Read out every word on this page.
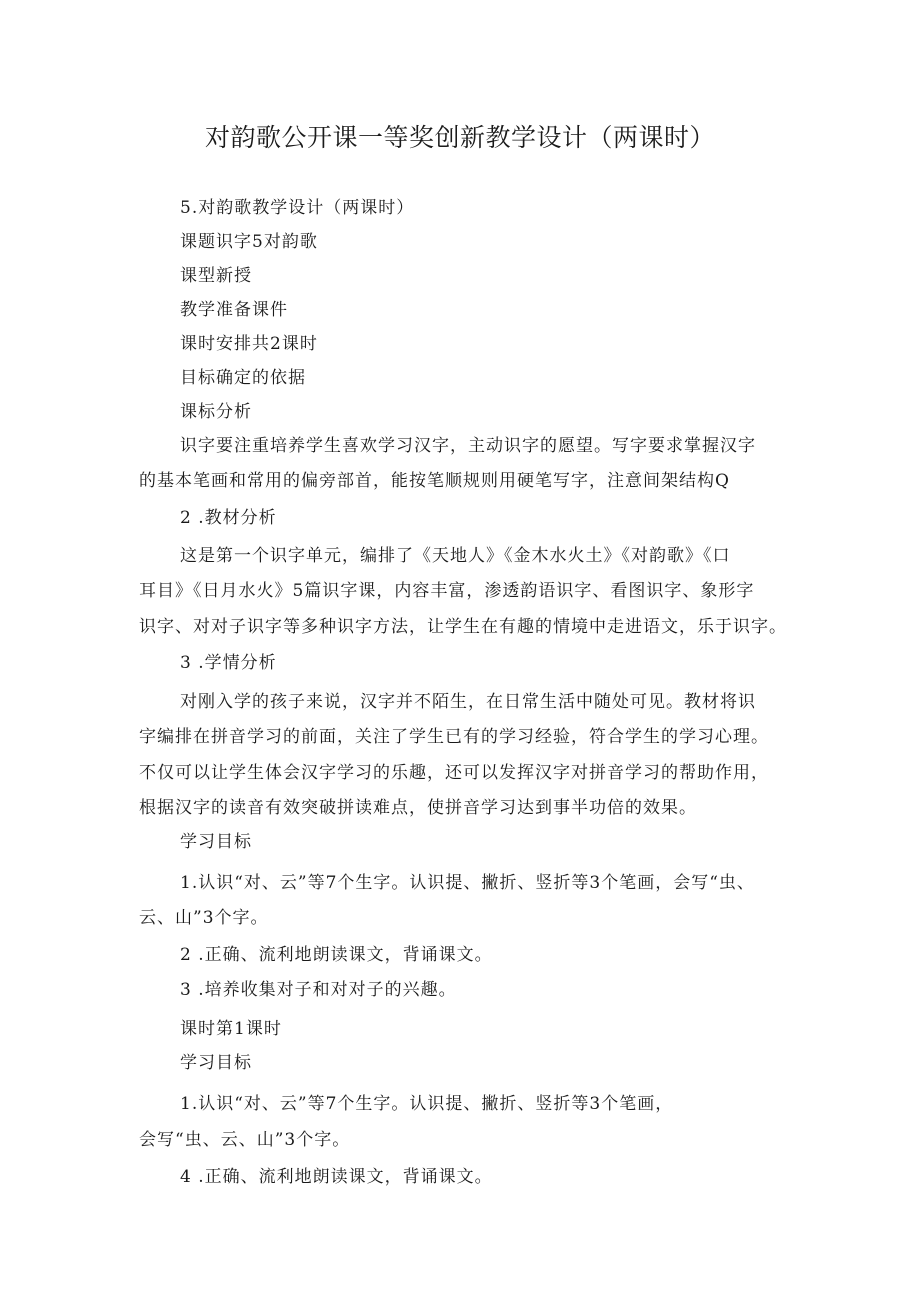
对韵歌公开课一等奖创新教学设计（两课时）
5.对韵歌教学设计（两课时）
课题识字5对韵歌
课型新授
教学准备课件
课时安排共2课时
目标确定的依据
课标分析
识字要注重培养学生喜欢学习汉字，主动识字的愿望。写字要求掌握汉字
的基本笔画和常用的偏旁部首，能按笔顺规则用硬笔写字，注意间架结构Q
2 .教材分析
这是第一个识字单元，编排了《天地人》《金木水火土》《对韵歌》《口
耳目》《日月水火》5篇识字课，内容丰富，渗透韵语识字、看图识字、象形字
识字、对对子识字等多种识字方法，让学生在有趣的情境中走进语文，乐于识字。
3 .学情分析
对刚入学的孩子来说，汉字并不陌生，在日常生活中随处可见。教材将识
字编排在拼音学习的前面，关注了学生已有的学习经验，符合学生的学习心理。
不仅可以让学生体会汉字学习的乐趣，还可以发挥汉字对拼音学习的帮助作用，
根据汉字的读音有效突破拼读难点，使拼音学习达到事半功倍的效果。
学习目标
1.认识“对、云”等7个生字。认识提、撇折、竖折等3个笔画，会写“虫、
云、山”3个字。
2 .正确、流利地朗读课文，背诵课文。
3 .培养收集对子和对对子的兴趣。
课时第1课时
学习目标
1.认识“对、云”等7个生字。认识提、撇折、竖折等3个笔画，
会写“虫、云、山”3个字。
4 .正确、流利地朗读课文，背诵课文。
